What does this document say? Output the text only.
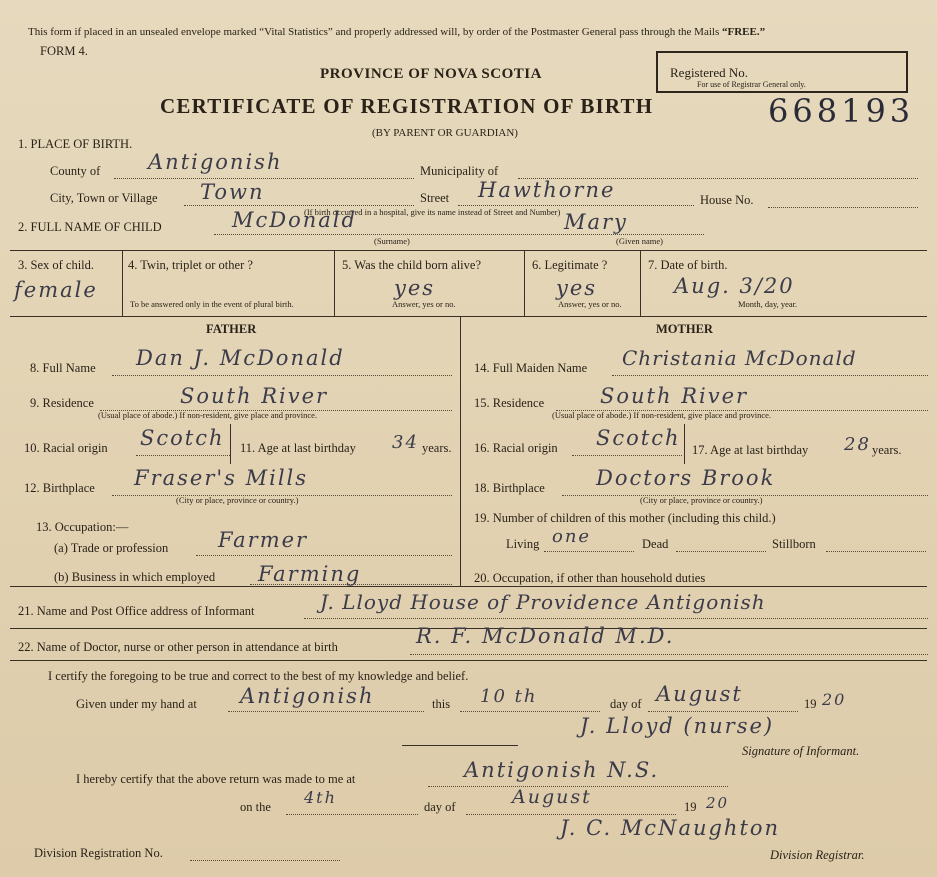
This form if placed in an unsealed envelope marked “Vital Statistics” and properly addressed will, by order of the Postmaster General pass through the Mails “FREE.”
FORM 4.
PROVINCE OF NOVA SCOTIA
CERTIFICATE OF REGISTRATION OF BIRTH
(BY PARENT OR GUARDIAN)
Registered No.
For use of Registrar General only.
668193
1. PLACE OF BIRTH.
County of Antigonish	Municipality of
City, Town or Village Town	Street Hawthorne	House No.
(If birth occurred in a hospital, give its name instead of Street and Number)
2. FULL NAME OF CHILD	McDonald	Mary
(Surname)	(Given name)
3. Sex of child.
female
4. Twin, triplet or other ?
To be answered only in the event of plural birth.
5. Was the child born alive?
yes
Answer, yes or no.
6. Legitimate ?
yes
Answer, yes or no.
7. Date of birth.
Aug. 3/20
Month, day, year.
FATHER
8. Full Name Dan J. McDonald
9. Residence	South River
(Usual place of abode.) If non-resident, give place and province.
10. Racial origin Scotch 11. Age at last birthday 34 years.
12. Birthplace Fraser's Mills
(City or place, province or country.)
13. Occupation:—
(a) Trade or profession Farmer
(b) Business in which employed Farming
MOTHER
14. Full Maiden Name Christania McDonald
15. Residence	South River
(Usual place of abode.) If non-resident, give place and province.
16. Racial origin Scotch 17. Age at last birthday 28 years.
18. Birthplace Doctors Brook
(City or place, province or country.)
19. Number of children of this mother (including this child.)
Living one	Dead	Stillborn
20. Occupation, if other than household duties
21. Name and Post Office address of Informant	J. Lloyd House of Providence Antigonish
22. Name of Doctor, nurse or other person in attendance at birth	R. F. McDonald M.D.
I certify the foregoing to be true and correct to the best of my knowledge and belief.
Given under my hand at Antigonish	this 10 th	day of August	19 20
J. Lloyd (nurse)
Signature of Informant.
I hereby certify that the above return was made to me at	Antigonish N.S.
on the 4th	day of	August	19 20
Division Registration No.
J. C. McNaughton
Division Registrar.
